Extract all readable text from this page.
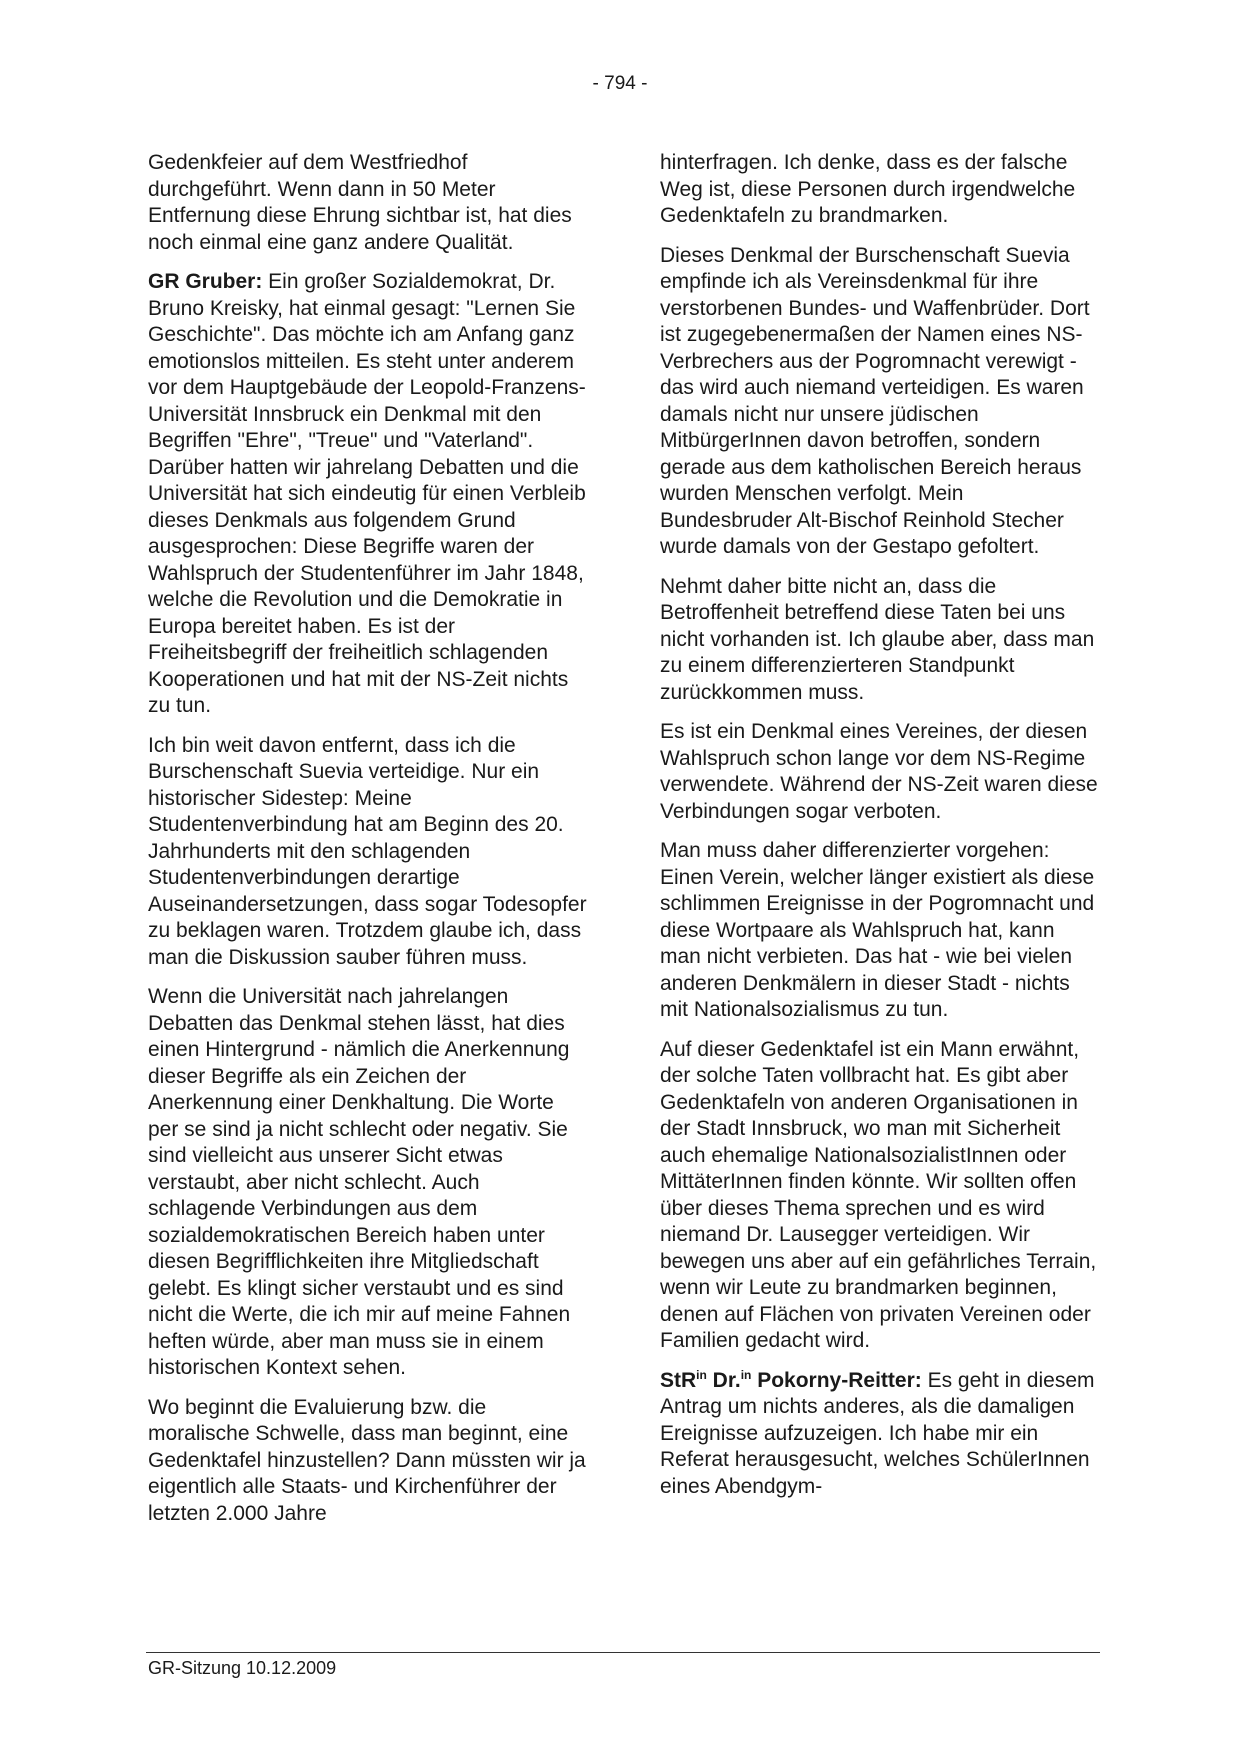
- 794 -

Gedenkfeier auf dem Westfriedhof durchgeführt. Wenn dann in 50 Meter Entfernung diese Ehrung sichtbar ist, hat dies noch einmal eine ganz andere Qualität.

GR Gruber: Ein großer Sozialdemokrat, Dr. Bruno Kreisky, hat einmal gesagt: "Lernen Sie Geschichte". Das möchte ich am Anfang ganz emotionslos mitteilen. Es steht unter anderem vor dem Hauptgebäude der Leopold-Franzens-Universität Innsbruck ein Denkmal mit den Begriffen "Ehre", "Treue" und "Vaterland". Darüber hatten wir jahrelang Debatten und die Universität hat sich eindeutig für einen Verbleib dieses Denkmals aus folgendem Grund ausgesprochen: Diese Begriffe waren der Wahlspruch der Studentenführer im Jahr 1848, welche die Revolution und die Demokratie in Europa bereitet haben. Es ist der Freiheitsbegriff der freiheitlich schlagenden Kooperationen und hat mit der NS-Zeit nichts zu tun.

Ich bin weit davon entfernt, dass ich die Burschenschaft Suevia verteidige. Nur ein historischer Sidestep: Meine Studentenverbindung hat am Beginn des 20. Jahrhunderts mit den schlagenden Studentenverbindungen derartige Auseinandersetzungen, dass sogar Todesopfer zu beklagen waren. Trotzdem glaube ich, dass man die Diskussion sauber führen muss.

Wenn die Universität nach jahrelangen Debatten das Denkmal stehen lässt, hat dies einen Hintergrund - nämlich die Anerkennung dieser Begriffe als ein Zeichen der Anerkennung einer Denkhaltung. Die Worte per se sind ja nicht schlecht oder negativ. Sie sind vielleicht aus unserer Sicht etwas verstaubt, aber nicht schlecht. Auch schlagende Verbindungen aus dem sozialdemokratischen Bereich haben unter diesen Begrifflichkeiten ihre Mitgliedschaft gelebt. Es klingt sicher verstaubt und es sind nicht die Werte, die ich mir auf meine Fahnen heften würde, aber man muss sie in einem historischen Kontext sehen.

Wo beginnt die Evaluierung bzw. die moralische Schwelle, dass man beginnt, eine Gedenktafel hinzustellen? Dann müssten wir ja eigentlich alle Staats- und Kirchenführer der letzten 2.000 Jahre

hinterfragen. Ich denke, dass es der falsche Weg ist, diese Personen durch irgendwelche Gedenktafeln zu brandmarken.

Dieses Denkmal der Burschenschaft Suevia empfinde ich als Vereinsdenkmal für ihre verstorbenen Bundes- und Waffenbrüder. Dort ist zugegebenermaßen der Namen eines NS-Verbrechers aus der Pogromnacht verewigt - das wird auch niemand verteidigen. Es waren damals nicht nur unsere jüdischen MitbürgerInnen davon betroffen, sondern gerade aus dem katholischen Bereich heraus wurden Menschen verfolgt. Mein Bundesbruder Alt-Bischof Reinhold Stecher wurde damals von der Gestapo gefoltert.

Nehmt daher bitte nicht an, dass die Betroffenheit betreffend diese Taten bei uns nicht vorhanden ist. Ich glaube aber, dass man zu einem differenzierteren Standpunkt zurückkommen muss.

Es ist ein Denkmal eines Vereines, der diesen Wahlspruch schon lange vor dem NS-Regime verwendete. Während der NS-Zeit waren diese Verbindungen sogar verboten.

Man muss daher differenzierter vorgehen: Einen Verein, welcher länger existiert als diese schlimmen Ereignisse in der Pogromnacht und diese Wortpaare als Wahlspruch hat, kann man nicht verbieten. Das hat - wie bei vielen anderen Denkmälern in dieser Stadt - nichts mit Nationalsozialismus zu tun.

Auf dieser Gedenktafel ist ein Mann erwähnt, der solche Taten vollbracht hat. Es gibt aber Gedenktafeln von anderen Organisationen in der Stadt Innsbruck, wo man mit Sicherheit auch ehemalige NationalsozialistInnen oder MittäterInnen finden könnte. Wir sollten offen über dieses Thema sprechen und es wird niemand Dr. Lausegger verteidigen. Wir bewegen uns aber auf ein gefährliches Terrain, wenn wir Leute zu brandmarken beginnen, denen auf Flächen von privaten Vereinen oder Familien gedacht wird.

StR$^{in}$ Dr.$^{in}$ Pokorny-Reitter: Es geht in diesem Antrag um nichts anderes, als die damaligen Ereignisse aufzuzeigen. Ich habe mir ein Referat herausgesucht, welches SchülerInnen eines Abendgym-

GR-Sitzung 10.12.2009
